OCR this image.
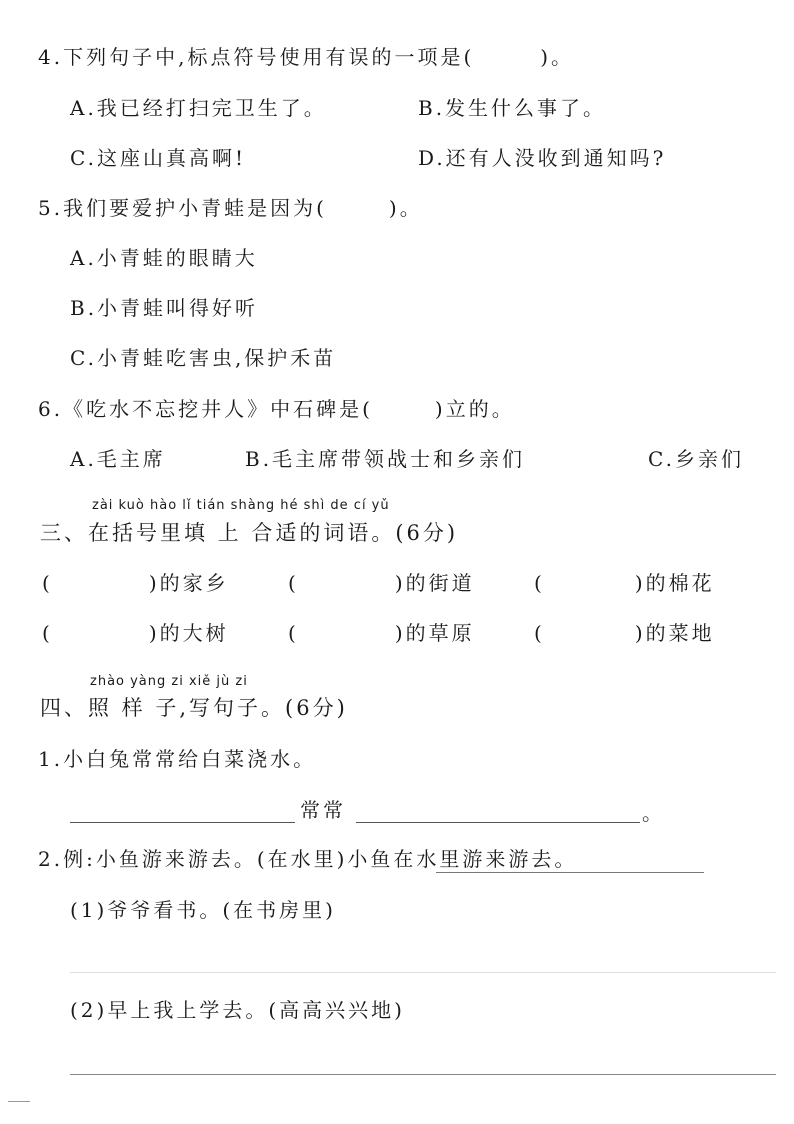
4.下列句子中,标点符号使用有误的一项是(	)。
A.我已经打扫完卫生了。	B.发生什么事了。
C.这座山真高啊!	D.还有人没收到通知吗?
5.我们要爱护小青蛙是因为(	)。
A.小青蛙的眼睛大
B.小青蛙叫得好听
C.小青蛙吃害虫,保护禾苗
6.《吃水不忘挖井人》中石碑是(	)立的。
A.毛主席	B.毛主席带领战士和乡亲们	C.乡亲们
zài kuò hào lǐ tián shàng hé shì de cí yǔ
三、在括号里填 上 合适的词语。(6分)
(	)的家乡	(	)的街道	(	)的棉花
(	)的大树	(	)的草原	(	)的菜地
zhào yàng zi xiě jù zi
四、照 样 子,写句子。(6分)
1.小白兔常常给白菜浇水。
常常	。
2.例:小鱼游来游去。(在水里)小鱼在水里游来游去。
(1)爷爷看书。(在书房里)
(2)早上我上学去。(高高兴兴地)
